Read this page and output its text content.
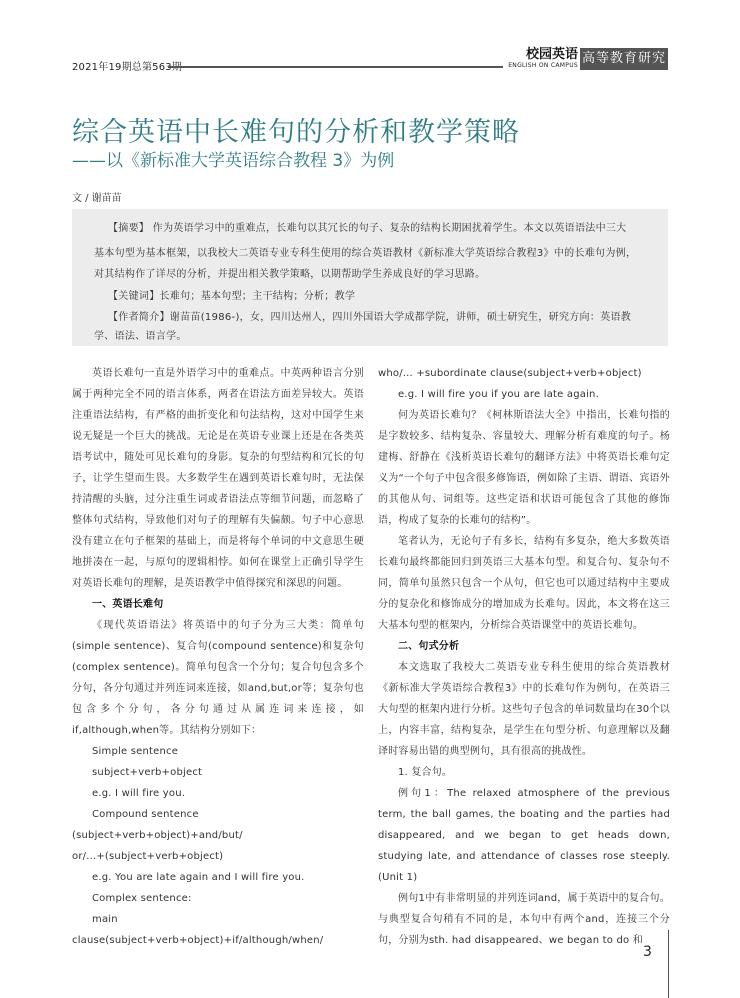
2021年19期总第563期
校园英语
ENGLISH ON CAMPUS 高等教育研究
综合英语中长难句的分析和教学策略
——以《新标准大学英语综合教程 3》为例
文 / 谢苗苗

【摘要】 作为英语学习中的重难点，长难句以其冗长的句子、复杂的结构长期困扰着学生。本文以英语语法中三大

基本句型为基本框架，以我校大二英语专业专科生使用的综合英语教材《新标准大学英语综合教程3》中的长难句为例，

对其结构作了详尽的分析，并提出相关教学策略，以期帮助学生养成良好的学习思路。

【关键词】长难句；基本句型；主干结构；分析；教学

【作者简介】谢苗苗(1986-)，女，四川达州人，四川外国语大学成都学院，讲师，硕士研究生，研究方向：英语教

学、语法、语言学。

英语长难句一直是外语学习中的重难点。中英两种语言分别属于两种完全不同的语言体系，两者在语法方面差异较大。英语注重语法结构，有严格的曲折变化和句法结构，这对中国学生来说无疑是一个巨大的挑战。无论是在英语专业课上还是在各类英语考试中，随处可见长难句的身影。复杂的句型结构和冗长的句子，让学生望而生畏。大多数学生在遇到英语长难句时，无法保持清醒的头脑，过分注重生词或者语法点等细节问题，而忽略了整体句式结构，导致他们对句子的理解有失偏颇。句子中心意思没有建立在句子框架的基础上，而是将每个单词的中文意思生硬地拼凑在一起，与原句的逻辑相悖。如何在课堂上正确引导学生对英语长难句的理解，是英语教学中值得探究和深思的问题。

一、英语长难句

《现代英语语法》将英语中的句子分为三大类：简单句(simple sentence)、复合句(compound sentence)和复杂句(complex sentence)。简单句包含一个分句；复合句包含多个分句，各分句通过并列连词来连接，如and,but,or等；复杂句也包含多个分句，各分句通过从属连词来连接，如if,although,when等。其结构分别如下：

Simple sentence

subject+verb+object

e.g. I will fire you.

Compound sentence

(subject+verb+object)+and/but/

or/...+(subject+verb+object)

e.g. You are late again and I will fire you.

Complex sentence:

main clause(subject+verb+object)+if/although/when/

who/... +subordinate clause(subject+verb+object)

e.g. I will fire you if you are late again.

何为英语长难句？《柯林斯语法大全》中指出，长难句指的是字数较多、结构复杂、容量较大、理解分析有难度的句子。杨建梅、舒静在《浅析英语长难句的翻译方法》中将英语长难句定义为“一个句子中包含很多修饰语，例如除了主语、谓语、宾语外的其他从句、词组等。这些定语和状语可能包含了其他的修饰语，构成了复杂的长难句的结构”。

笔者认为，无论句子有多长，结构有多复杂，绝大多数英语长难句最终都能回归到英语三大基本句型。和复合句、复杂句不同，简单句虽然只包含一个从句，但它也可以通过结构中主要成分的复杂化和修饰成分的增加成为长难句。因此，本文将在这三大基本句型的框架内，分析综合英语课堂中的英语长难句。

二、句式分析

本文选取了我校大二英语专业专科生使用的综合英语教材《新标准大学英语综合教程3》中的长难句作为例句，在英语三大句型的框架内进行分析。这些句子包含的单词数量均在30个以上，内容丰富，结构复杂，是学生在句型分析、句意理解以及翻译时容易出错的典型例句，具有很高的挑战性。

1. 复合句。

例句1：The relaxed atmosphere of the previous term, the ball games, the boating and the parties had disappeared, and we began to get heads down, studying late, and attendance of classes rose steeply.(Unit 1)

例句1中有非常明显的并列连词and，属于英语中的复合句。与典型复合句稍有不同的是，本句中有两个and，连接三个分句，分别为sth. had disappeared、we began to do 和

3
